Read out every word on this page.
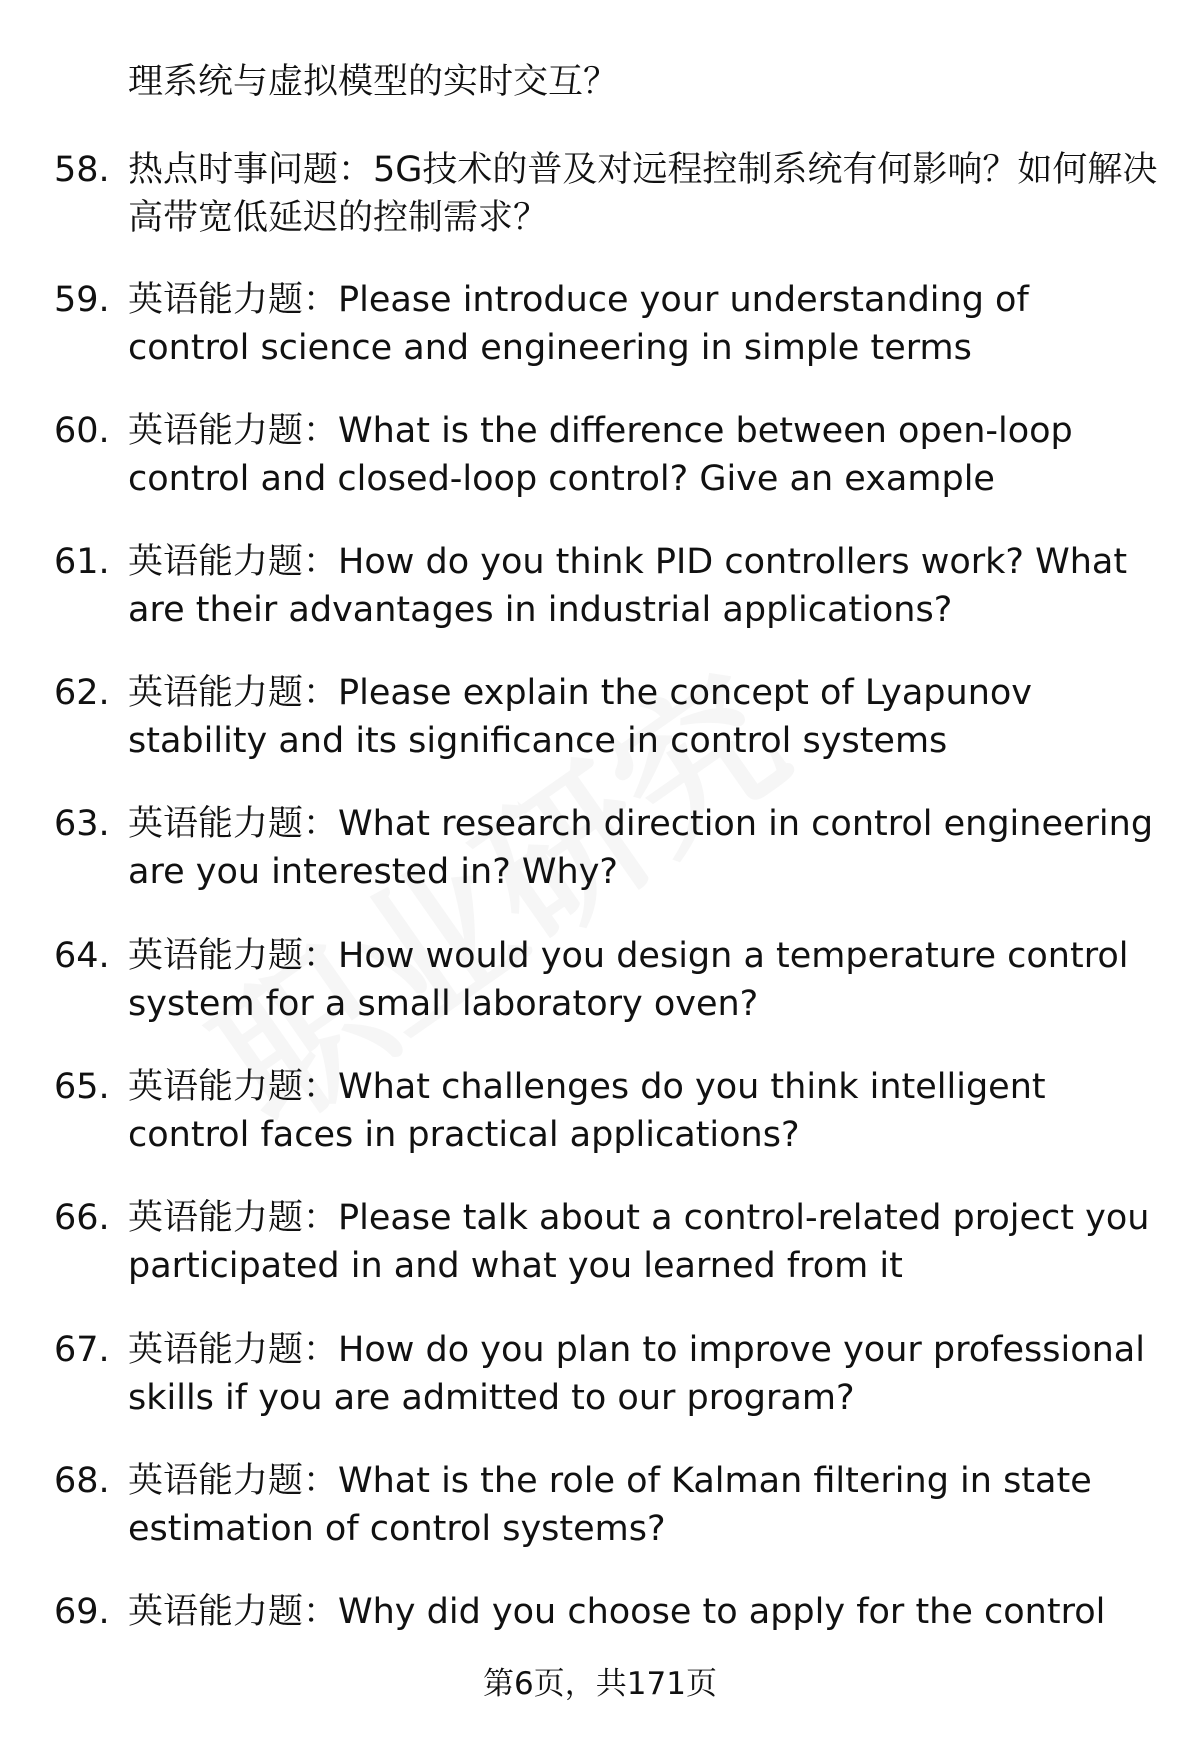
理系统与虚拟模型的实时交互？
58. 热点时事问题：5G技术的普及对远程控制系统有何影响？如何解决高带宽低延迟的控制需求？
59. 英语能力题：Please introduce your understanding of control science and engineering in simple terms
60. 英语能力题：What is the difference between open-loop control and closed-loop control? Give an example
61. 英语能力题：How do you think PID controllers work? What are their advantages in industrial applications?
62. 英语能力题：Please explain the concept of Lyapunov stability and its significance in control systems
63. 英语能力题：What research direction in control engineering are you interested in? Why?
64. 英语能力题：How would you design a temperature control system for a small laboratory oven?
65. 英语能力题：What challenges do you think intelligent control faces in practical applications?
66. 英语能力题：Please talk about a control-related project you participated in and what you learned from it
67. 英语能力题：How do you plan to improve your professional skills if you are admitted to our program?
68. 英语能力题：What is the role of Kalman filtering in state estimation of control systems?
69. 英语能力题：Why did you choose to apply for the control
第6页，共171页
